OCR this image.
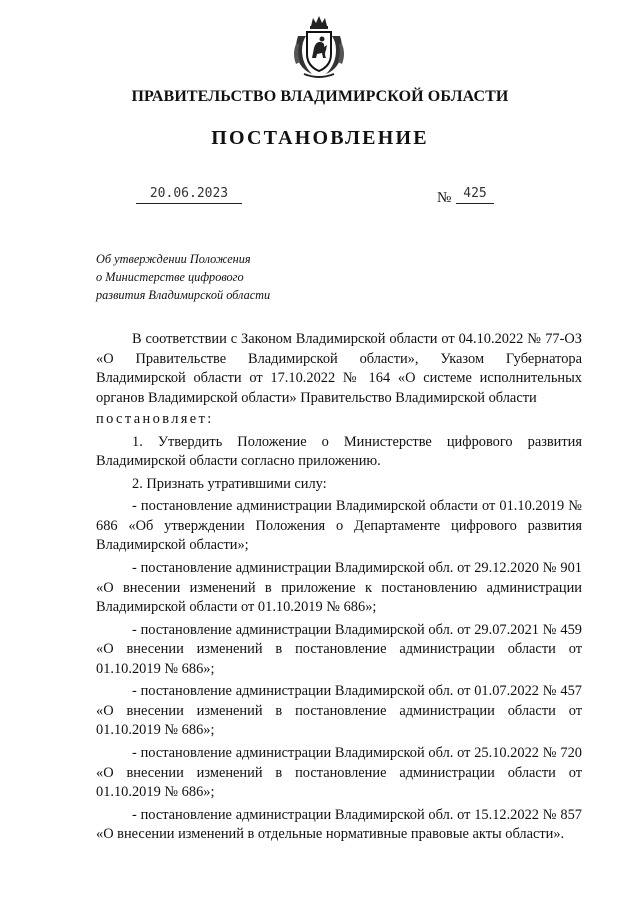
ПРАВИТЕЛЬСТВО ВЛАДИМИРСКОЙ ОБЛАСТИ
ПОСТАНОВЛЕНИЕ
20.06.2023	№ 425
Об утверждении Положения
о Министерстве цифрового
развития Владимирской области

В соответствии с Законом Владимирской области от 04.10.2022 № 77-ОЗ «О Правительстве Владимирской области», Указом Губернатора Владимирской области от 17.10.2022 № 164 «О системе исполнительных органов Владимирской области» Правительство Владимирской области

постановляет:

1. Утвердить Положение о Министерстве цифрового развития Владимирской области согласно приложению.

2. Признать утратившими силу:

- постановление администрации Владимирской области от 01.10.2019 № 686 «Об утверждении Положения о Департаменте цифрового развития Владимирской области»;

- постановление администрации Владимирской обл. от 29.12.2020 № 901 «О внесении изменений в приложение к постановлению администрации Владимирской области от 01.10.2019 № 686»;

- постановление администрации Владимирской обл. от 29.07.2021 № 459 «О внесении изменений в постановление администрации области от 01.10.2019 № 686»;

- постановление администрации Владимирской обл. от 01.07.2022 № 457 «О внесении изменений в постановление администрации области от 01.10.2019 № 686»;

- постановление администрации Владимирской обл. от 25.10.2022 № 720 «О внесении изменений в постановление администрации области от 01.10.2019 № 686»;

- постановление администрации Владимирской обл. от 15.12.2022 № 857 «О внесении изменений в отдельные нормативные правовые акты области».
